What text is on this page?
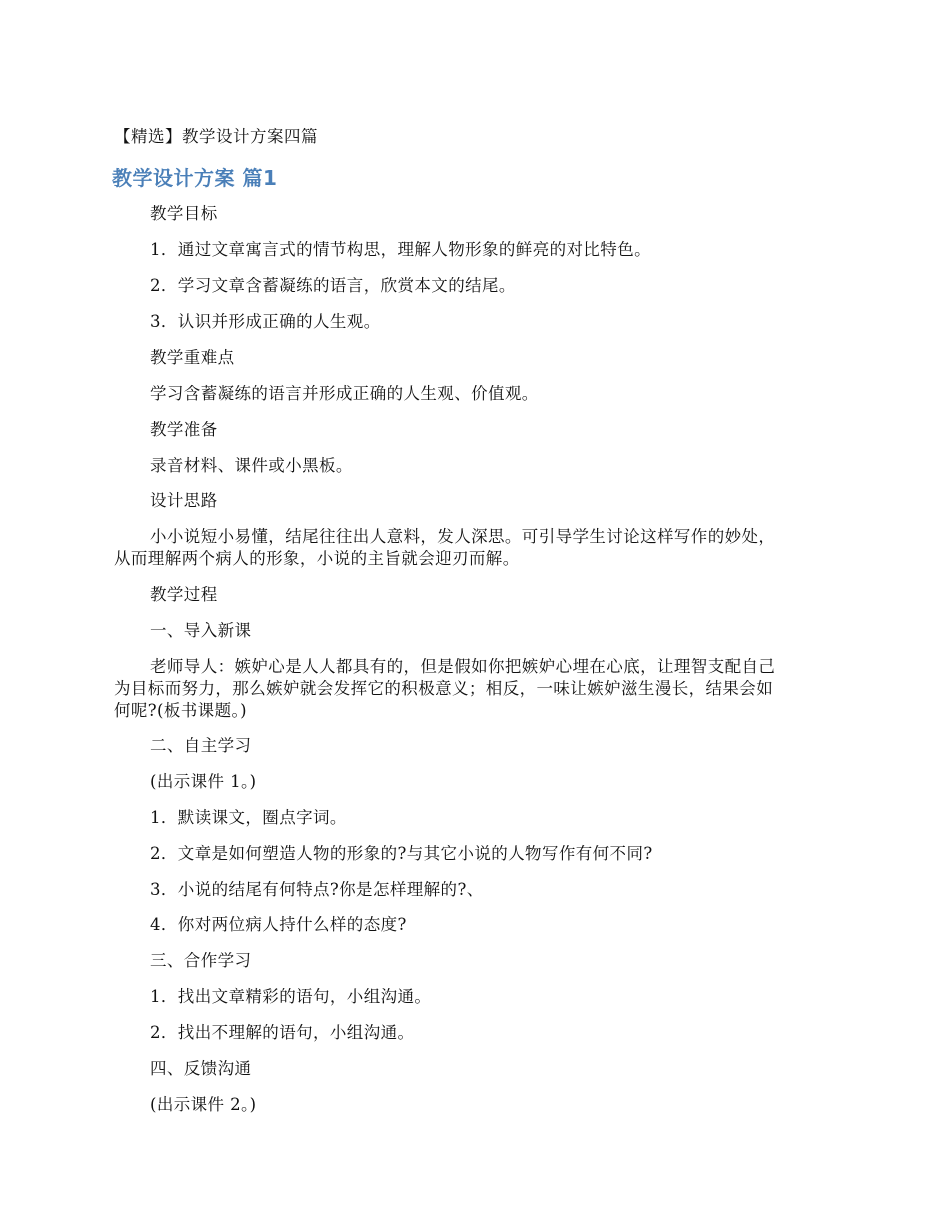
【精选】教学设计方案四篇
教学设计方案 篇1
教学目标
1．通过文章寓言式的情节构思，理解人物形象的鲜亮的对比特色。
2．学习文章含蓄凝练的语言，欣赏本文的结尾。
3．认识并形成正确的人生观。
教学重难点
学习含蓄凝练的语言并形成正确的人生观、价值观。
教学准备
录音材料、课件或小黑板。
设计思路
小小说短小易懂，结尾往往出人意料，发人深思。可引导学生讨论这样写作的妙处，
从而理解两个病人的形象，小说的主旨就会迎刃而解。
教学过程
一、导入新课
老师导人：嫉妒心是人人都具有的，但是假如你把嫉妒心埋在心底，让理智支配自己
为目标而努力，那么嫉妒就会发挥它的积极意义；相反，一味让嫉妒滋生漫长，结果会如
何呢?(板书课题。)
二、自主学习
(出示课件 1。)
1．默读课文，圈点字词。
2．文章是如何塑造人物的形象的?与其它小说的人物写作有何不同?
3．小说的结尾有何特点?你是怎样理解的?、
4．你对两位病人持什么样的态度?
三、合作学习
1．找出文章精彩的语句，小组沟通。
2．找出不理解的语句，小组沟通。
四、反馈沟通
(出示课件 2。)
